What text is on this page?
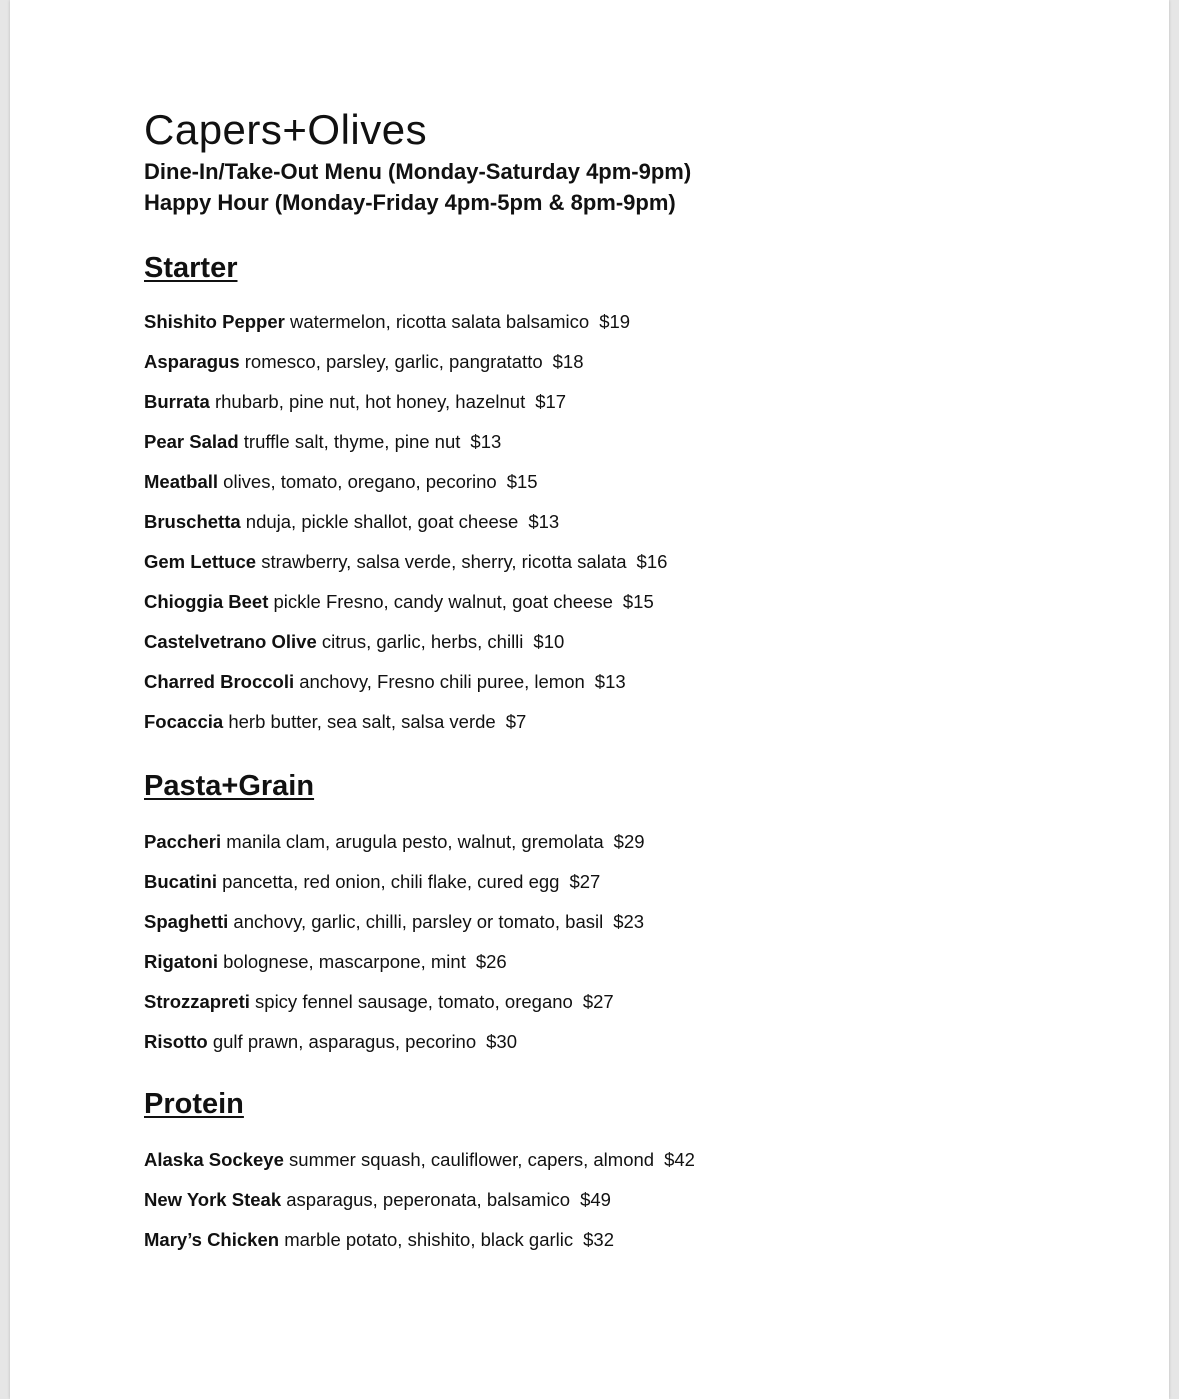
Capers+Olives

Dine-In/Take-Out Menu (Monday-Saturday 4pm-9pm)

Happy Hour (Monday-Friday 4pm-5pm & 8pm-9pm)

Starter
Shishito Pepper watermelon, ricotta salata balsamico $19
Asparagus romesco, parsley, garlic, pangratatto $18
Burrata rhubarb, pine nut, hot honey, hazelnut $17
Pear Salad truffle salt, thyme, pine nut $13
Meatball olives, tomato, oregano, pecorino $15
Bruschetta nduja, pickle shallot, goat cheese $13
Gem Lettuce strawberry, salsa verde, sherry, ricotta salata $16
Chioggia Beet pickle Fresno, candy walnut, goat cheese $15
Castelvetrano Olive citrus, garlic, herbs, chilli $10
Charred Broccoli anchovy, Fresno chili puree, lemon $13
Focaccia herb butter, sea salt, salsa verde $7
Pasta+Grain
Paccheri manila clam, arugula pesto, walnut, gremolata $29
Bucatini pancetta, red onion, chili flake, cured egg $27
Spaghetti anchovy, garlic, chilli, parsley or tomato, basil $23
Rigatoni bolognese, mascarpone, mint $26
Strozzapreti spicy fennel sausage, tomato, oregano $27
Risotto gulf prawn, asparagus, pecorino $30
Protein
Alaska Sockeye summer squash, cauliflower, capers, almond $42
New York Steak asparagus, peperonata, balsamico $49
Mary’s Chicken marble potato, shishito, black garlic $32
